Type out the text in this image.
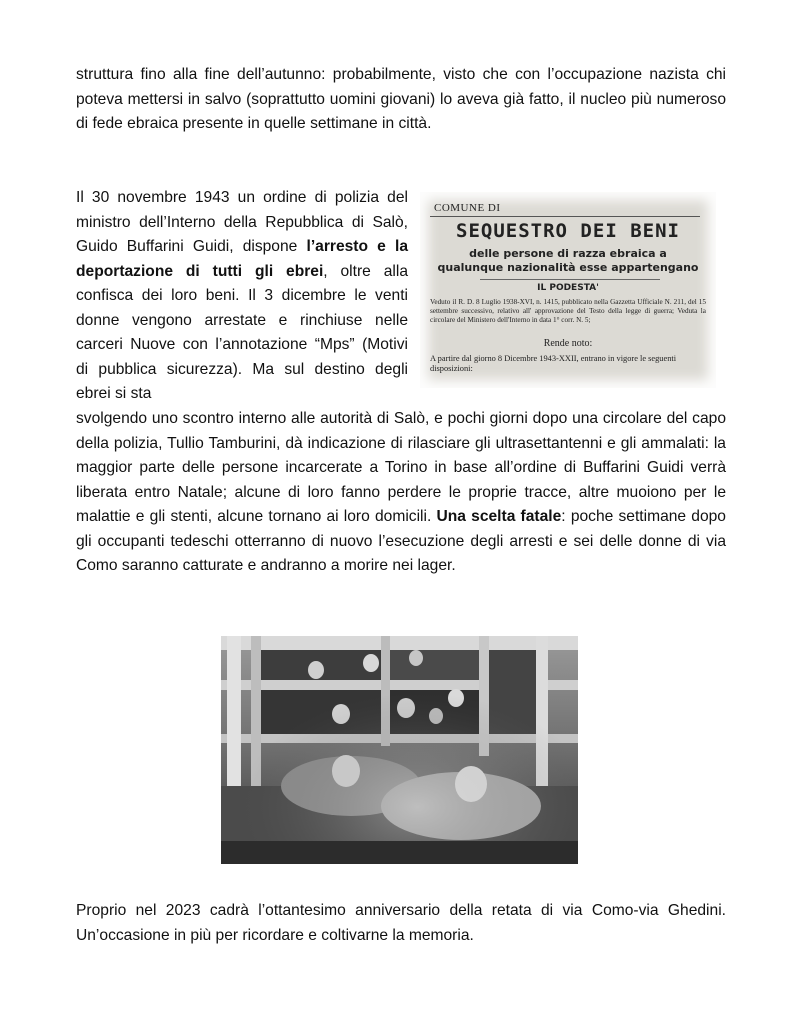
struttura fino alla fine dell’autunno: probabilmente, visto che con l’occupazione nazista chi poteva mettersi in salvo (soprattutto uomini giovani) lo aveva già fatto, il nucleo più numeroso di fede ebraica presente in quelle settimane in città.

Il 30 novembre 1943 un ordine di polizia del ministro dell’Interno della Repubblica di Salò, Guido Buffarini Guidi, dispone l’arresto e la deportazione di tutti gli ebrei, oltre alla confisca dei loro beni. Il 3 dicembre le venti donne vengono arrestate e rinchiuse nelle carceri Nuove con l’annotazione “Mps” (Motivi di pubblica sicurezza). Ma sul destino degli ebrei si sta

COMUNE DI
SEQUESTRO DEI BENI
delle persone di razza ebraica a
qualunque nazionalità esse appartengano
IL PODESTA'
Veduto il R. D. 8 Luglio 1938-XVI, n. 1415, pubblicato nella Gazzetta Ufficiale N. 211, del 15 settembre successivo, relativo all' approvazione del Testo della legge di guerra; Veduta la circolare del Ministero dell'Interno in data 1° corr. N. 5;
Rende noto:
A partire dal giorno 8 Dicembre 1943-XXII, entrano in vigore le seguenti disposizioni:

svolgendo uno scontro interno alle autorità di Salò, e pochi giorni dopo una circolare del capo della polizia, Tullio Tamburini, dà indicazione di rilasciare gli ultrasettantenni e gli ammalati: la maggior parte delle persone incarcerate a Torino in base all’ordine di Buffarini Guidi verrà liberata entro Natale; alcune di loro fanno perdere le proprie tracce, altre muoiono per le malattie e gli stenti, alcune tornano ai loro domicili. Una scelta fatale: poche settimane dopo gli occupanti tedeschi otterranno di nuovo l’esecuzione degli arresti e sei delle donne di via Como saranno catturate e andranno a morire nei lager.

Proprio nel 2023 cadrà l’ottantesimo anniversario della retata di via Como-via Ghedini. Un’occasione in più per ricordare e coltivarne la memoria.
